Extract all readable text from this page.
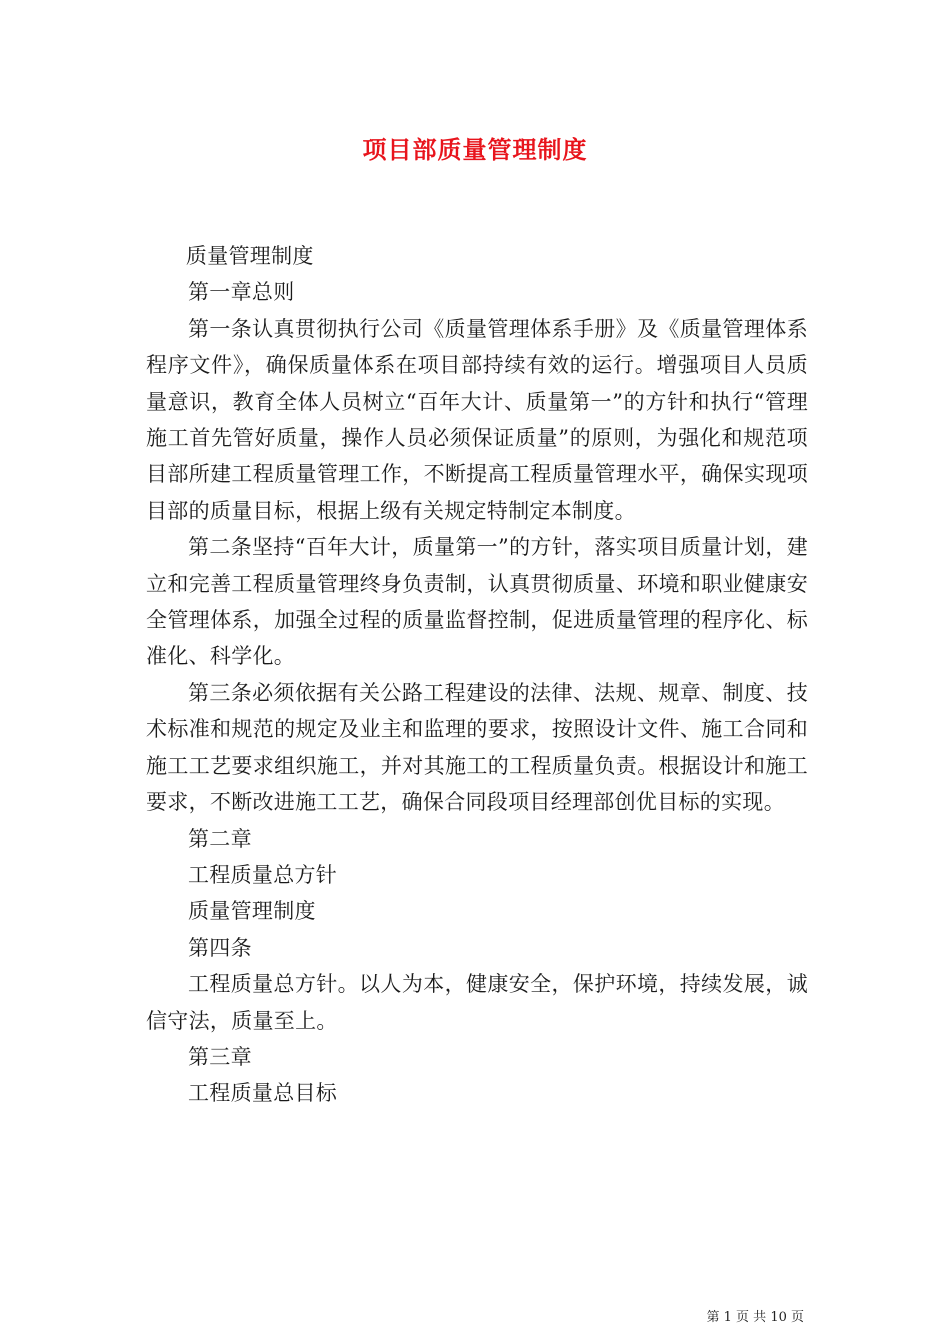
项目部质量管理制度

质量管理制度

第一章总则

第一条认真贯彻执行公司《质量管理体系手册》及《质量管理体系程序文件》，确保质量体系在项目部持续有效的运行。增强项目人员质量意识，教育全体人员树立“百年大计、质量第一”的方针和执行“管理施工首先管好质量，操作人员必须保证质量”的原则，为强化和规范项目部所建工程质量管理工作，不断提高工程质量管理水平，确保实现项目部的质量目标，根据上级有关规定特制定本制度。

第二条坚持“百年大计，质量第一”的方针，落实项目质量计划，建立和完善工程质量管理终身负责制，认真贯彻质量、环境和职业健康安全管理体系，加强全过程的质量监督控制，促进质量管理的程序化、标准化、科学化。

第三条必须依据有关公路工程建设的法律、法规、规章、制度、技术标准和规范的规定及业主和监理的要求，按照设计文件、施工合同和施工工艺要求组织施工，并对其施工的工程质量负责。根据设计和施工要求，不断改进施工工艺，确保合同段项目经理部创优目标的实现。

第二章

工程质量总方针

质量管理制度

第四条

工程质量总方针。以人为本，健康安全，保护环境，持续发展，诚信守法，质量至上。

第三章

工程质量总目标

第 1 页 共 10 页
